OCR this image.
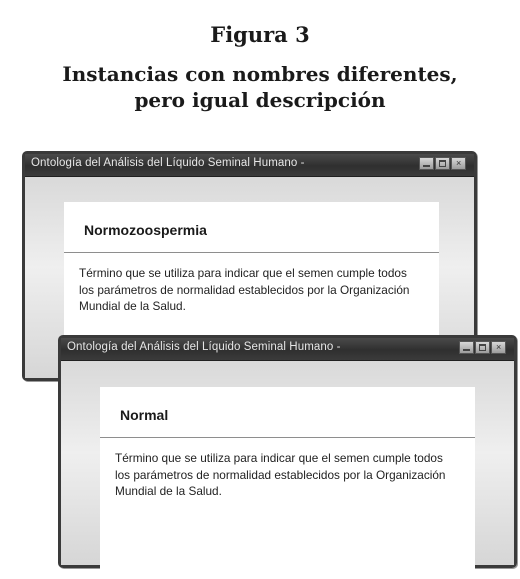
Figura 3
Instancias con nombres diferentes,
pero igual descripción
Ontología del Análisis del Líquido Seminal Humano -	×
Normozoospermia
Término que se utiliza para indicar que el semen cumple todos los parámetros de normalidad establecidos por la Organización Mundial de la Salud.
Ontología del Análisis del Líquido Seminal Humano -	×
Normal
Término que se utiliza para indicar que el semen cumple todos los parámetros de normalidad establecidos por la Organización Mundial de la Salud.
